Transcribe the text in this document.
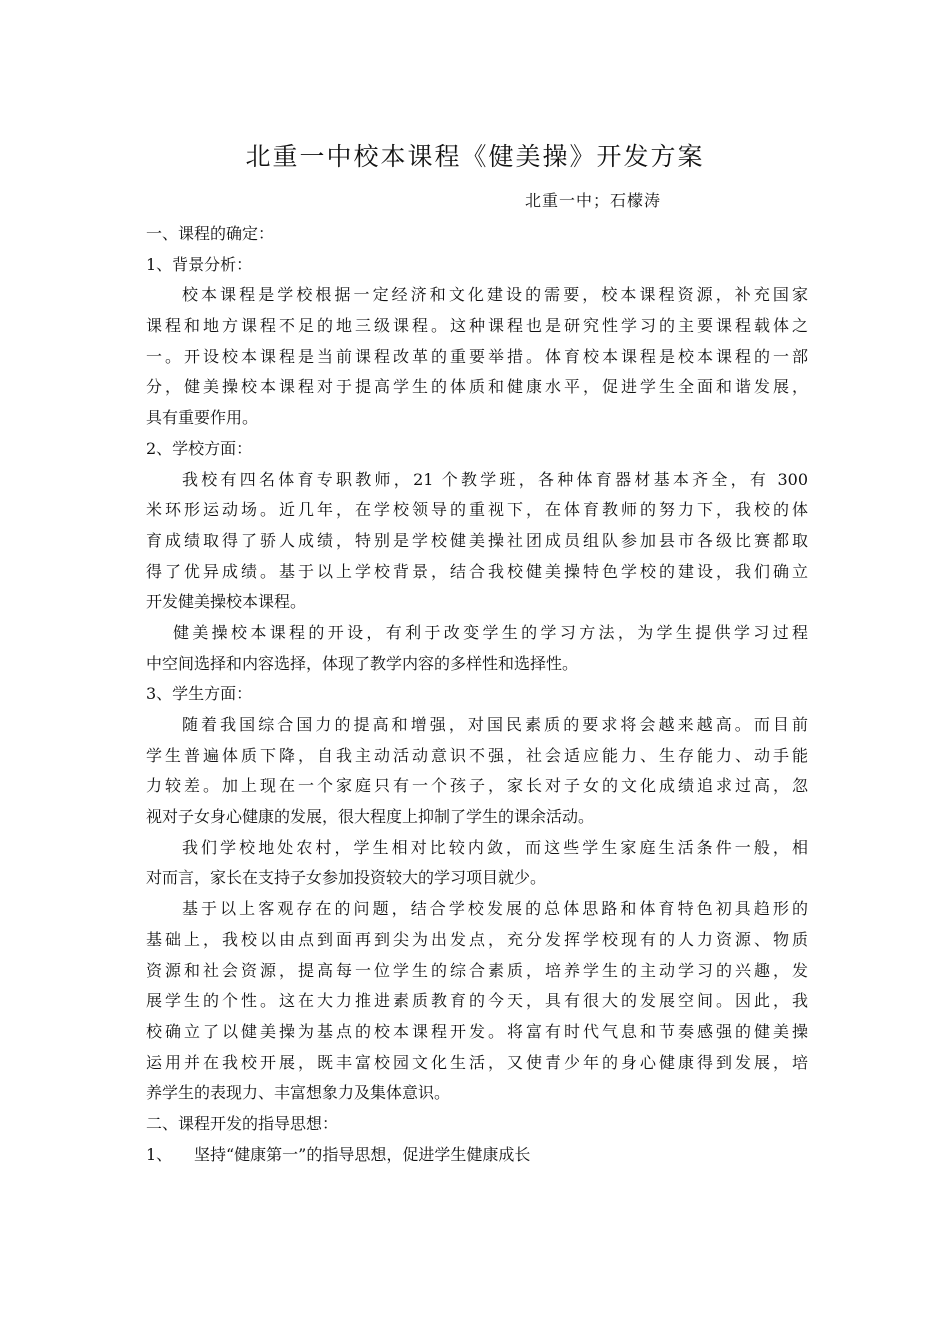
北重一中校本课程《健美操》开发方案
北重一中；石檬涛

一、课程的确定：

1、背景分析：

校本课程是学校根据一定经济和文化建设的需要，校本课程资源，补充国家

课程和地方课程不足的地三级课程。这种课程也是研究性学习的主要课程载体之

一。开设校本课程是当前课程改革的重要举措。体育校本课程是校本课程的一部

分，健美操校本课程对于提高学生的体质和健康水平，促进学生全面和谐发展，

具有重要作用。

2、学校方面：

我校有四名体育专职教师，21 个教学班，各种体育器材基本齐全，有 300

米环形运动场。近几年，在学校领导的重视下，在体育教师的努力下，我校的体

育成绩取得了骄人成绩，特别是学校健美操社团成员组队参加县市各级比赛都取

得了优异成绩。基于以上学校背景，结合我校健美操特色学校的建设，我们确立

开发健美操校本课程。

健美操校本课程的开设，有利于改变学生的学习方法，为学生提供学习过程

中空间选择和内容选择，体现了教学内容的多样性和选择性。

3、学生方面：

随着我国综合国力的提高和增强，对国民素质的要求将会越来越高。而目前

学生普遍体质下降，自我主动活动意识不强，社会适应能力、生存能力、动手能

力较差。加上现在一个家庭只有一个孩子，家长对子女的文化成绩追求过高，忽

视对子女身心健康的发展，很大程度上抑制了学生的课余活动。

我们学校地处农村，学生相对比较内敛，而这些学生家庭生活条件一般，相

对而言，家长在支持子女参加投资较大的学习项目就少。

基于以上客观存在的问题，结合学校发展的总体思路和体育特色初具趋形的

基础上，我校以由点到面再到尖为出发点，充分发挥学校现有的人力资源、物质

资源和社会资源，提高每一位学生的综合素质，培养学生的主动学习的兴趣，发

展学生的个性。这在大力推进素质教育的今天，具有很大的发展空间。因此，我

校确立了以健美操为基点的校本课程开发。将富有时代气息和节奏感强的健美操

运用并在我校开展，既丰富校园文化生活，又使青少年的身心健康得到发展，培

养学生的表现力、丰富想象力及集体意识。

二、课程开发的指导思想：

1、	坚持“健康第一”的指导思想，促进学生健康成长
